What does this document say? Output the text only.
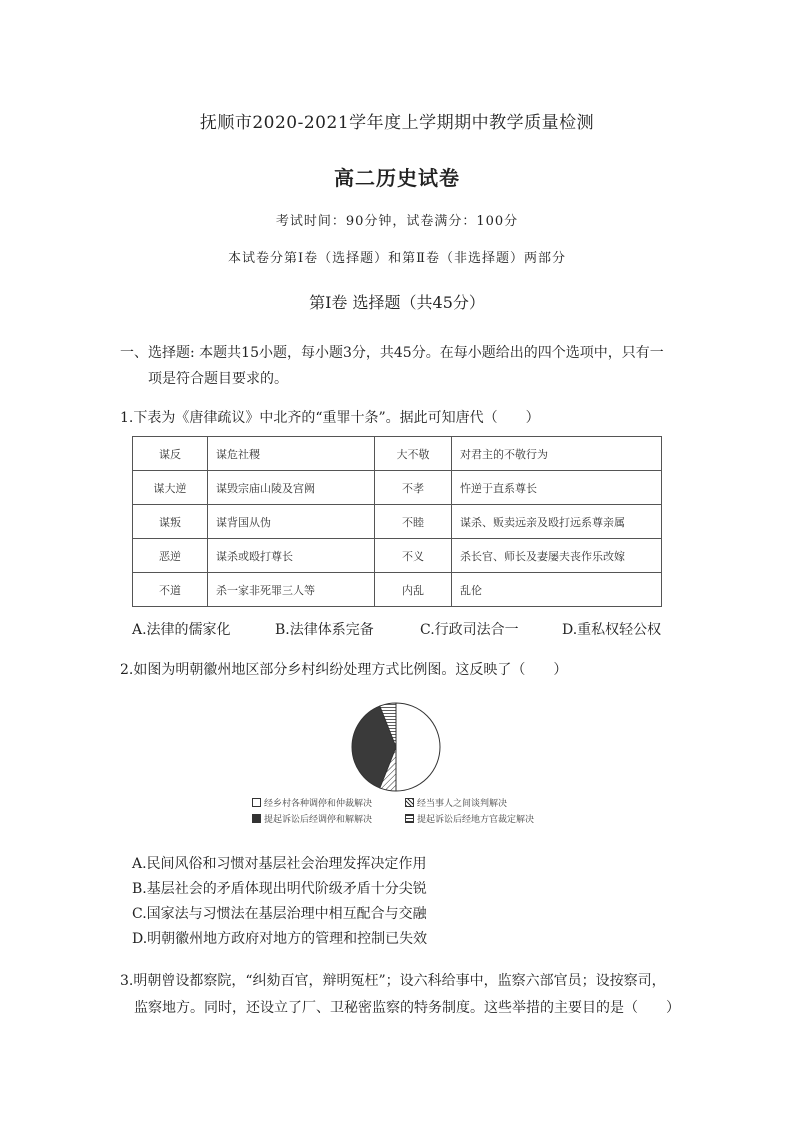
抚顺市2020-2021学年度上学期期中教学质量检测
高二历史试卷
考试时间：90分钟，试卷满分：100分
本试卷分第Ⅰ卷（选择题）和第Ⅱ卷（非选择题）两部分
第Ⅰ卷 选择题（共45分）
一、选择题: 本题共15小题，每小题3分，共45分。在每小题给出的四个选项中，只有一
项是符合题目要求的。
1.下表为《唐律疏议》中北齐的“重罪十条”。据此可知唐代（　　）
谋反	谋危社稷	大不敬	对君主的不敬行为
谋大逆	谋毁宗庙山陵及宫阙	不孝	忤逆于直系尊长
谋叛	谋背国从伪	不睦	谋杀、贩卖远亲及殴打远系尊亲属
恶逆	谋杀或殴打尊长	不义	杀长官、师长及妻屡夫丧作乐改嫁
不道	杀一家非死罪三人等	内乱	乱伦
A.法律的儒家化	B.法律体系完备	C.行政司法合一	D.重私权轻公权
2.如图为明朝徽州地区部分乡村纠纷处理方式比例图。这反映了（　　）
经乡村各种调停和仲裁解决	经当事人之间谈判解决
提起诉讼后经调停和解解决	提起诉讼后经地方官裁定解决
A.民间风俗和习惯对基层社会治理发挥决定作用
B.基层社会的矛盾体现出明代阶级矛盾十分尖锐
C.国家法与习惯法在基层治理中相互配合与交融
D.明朝徽州地方政府对地方的管理和控制已失效
3.明朝曾设都察院，“纠劾百官，辩明冤枉”；设六科给事中，监察六部官员；设按察司，
监察地方。同时，还设立了厂、卫秘密监察的特务制度。这些举措的主要目的是（　　）
